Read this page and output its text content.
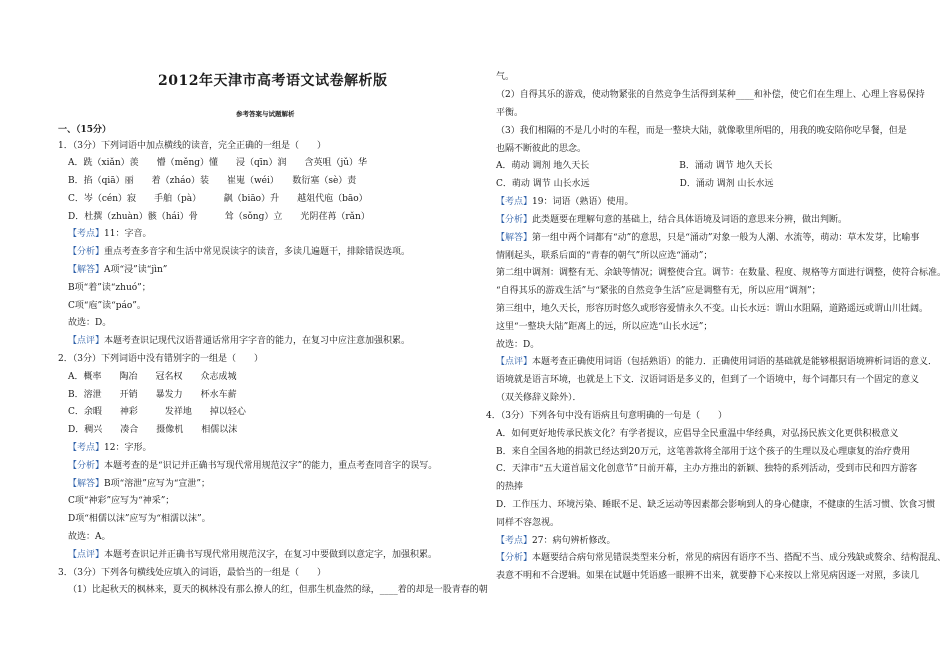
2012年天津市高考语文试卷解析版
参考答案与试题解析
一、（15分）
1．（3分）下列词语中加点横线的读音，完全正确的一组是（　　）
A．跣（xiǎn）羡　　懵（měng）懂　　浸（qīn）润　　含英咀（jǔ）华
B．掐（qiā）丽　　着（zháo）装　　崔嵬（wéi）　　数衍塞（sè）责
C．岑（cén）寂　　手舶（pà）　　　飙（biāo）升　　越俎代庖（bāo）
D．杜撰（zhuàn）骸（hái）骨　　　耸（sǒng）立　　光阴荏苒（rǎn）
【考点】11：字音。
【分析】重点考查多音字和生活中常见误读字的读音，多读几遍题干，排除错误选项。
【解答】A项“浸”读“jìn”
B项“着”读“zhuó”；
C项“庖”读“páo”。
故选：D。
【点评】本题考查识记现代汉语普通话常用字字音的能力，在复习中应注意加强积累。
2．（3分）下列词语中没有错别字的一组是（　　）
A．概率　　陶冶　　冠名权　　众志成城
B．溶泄　　开销　　暴发力　　杯水车薪
C．余暇　　神彩　　　发祥地　　掉以轻心
D．稠兴　　凑合　　摄像机　　相儒以沫
【考点】12：字形。
【分析】本题考查的是“识记并正确书写现代常用规范汉字”的能力，重点考查同音字的误写。
【解答】B项“溶泄”应写为“宣泄”；
C项“神彩”应写为“神采”；
D项“相儒以沫”应写为“相濡以沫”。
故选：A。
【点评】本题考查识记并正确书写现代常用规范汉字，在复习中要做到以意定字，加强积累。
3．（3分）下列各句横线处应填入的词语，最恰当的一组是（　　）
（1）比起秋天的枫林来，夏天的枫林没有那么撩人的红，但那生机盎然的绿，____着的却是一股青春的朝
气。
（2）自得其乐的游戏，使动物紧张的自然竞争生活得到某种____和补偿，使它们在生理上、心理上容易保持
平衡。
（3）我们相隔的不是几小时的车程，而是一整块大陆，就像歌里所唱的，用我的晚安陪你吃早餐，但是
也隔不断彼此的思念。
A．萌动 调剂 地久天长　　　　　　　　　　B．涌动 调节 地久天长
C．萌动 调节 山长水远　　　　　　　　　　D．涌动 调剂 山长水远
【考点】19：词语（熟语）使用。
【分析】此类题要在理解句意的基础上，结合具体语境及词语的意思来分辨，做出判断。
【解答】第一组中两个词都有“动”的意思，只是“涌动”对象一般为人潮、水流等，萌动：草木发芽，比喻事
情刚起头，联系后面的“青春的朝气”所以应选“涌动”；
第二组中调剂：调整有无、余缺等情况；调整使合宜。调节：在数量、程度、规格等方面进行调整，使符合标准。
“自得其乐的游戏生活”与“紧张的自然竞争生活”应是调整有无，所以应用“调剂”；
第三组中，地久天长，形容历时悠久或形容爱情永久不变。山长水远：谓山水阻隔，道路遥远或谓山川壮阔。
这里“一整块大陆”距离上的远，所以应选“山长水远”；
故选：D。
【点评】本题考查正确使用词语（包括熟语）的能力．正确使用词语的基础就是能够根据语境辨析词语的意义．
语境就是语言环境，也就是上下文．汉语词语是多义的，但到了一个语境中，每个词都只有一个固定的意义
（双关修辞义除外）．
4．（3分）下列各句中没有语病且句意明确的一句是（　　）
A．如何更好地传承民族文化？有学者提议，应倡导全民重温中华经典，对弘扬民族文化更供积极意义
B．来自全国各地的捐款已经达到20万元，这笔善款将全部用于这个孩子的生理以及心理康复的治疗费用
C．天津市“五大道首届文化创意节”日前开幕，主办方推出的新颖、独特的系列活动，受到市民和四方游客
的热捧
D．工作压力、环境污染、睡眠不足、缺乏运动等因素都会影响到人的身心健康，不健康的生活习惯、饮食习惯
同样不容忽视。
【考点】27：病句辨析修改。
【分析】本题要结合病句常见错误类型来分析，常见的病因有语序不当、搭配不当、成分残缺或赘余、结构混乱、
表意不明和不合逻辑。如果在试题中凭语感一眼辨不出来，就要静下心来按以上常见病因逐一对照，多读几
